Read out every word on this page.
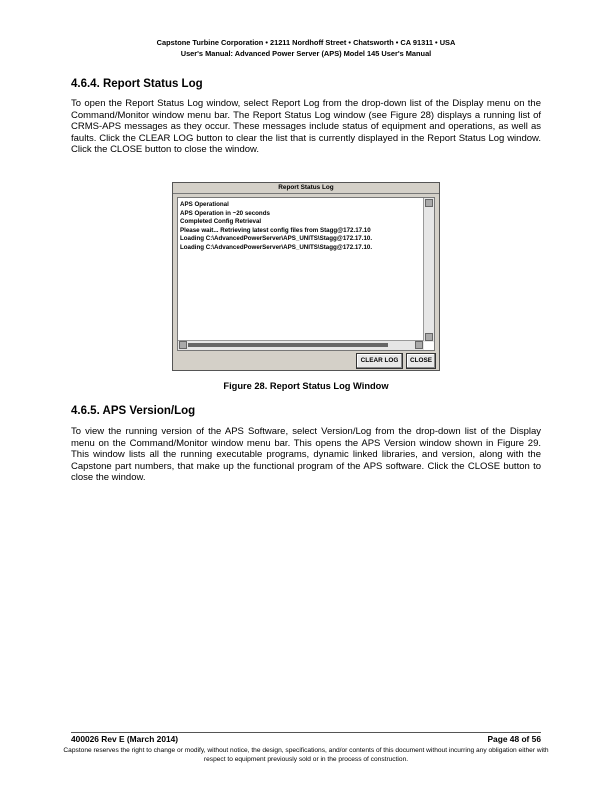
Capstone Turbine Corporation • 21211 Nordhoff Street • Chatsworth • CA 91311 • USA
User's Manual: Advanced Power Server (APS) Model 145 User's Manual
4.6.4. Report Status Log

To open the Report Status Log window, select Report Log from the drop-down list of the Display menu on the Command/Monitor window menu bar. The Report Status Log window (see Figure 28) displays a running list of CRMS-APS messages as they occur. These messages include status of equipment and operations, as well as faults. Click the CLEAR LOG button to clear the list that is currently displayed in the Report Status Log window. Click the CLOSE button to close the window.

Report Status Log
APS Operational
APS Operation in ~20 seconds
Completed Config Retrieval
Please wait... Retrieving latest config files from Stagg@172.17.10
Loading C:\AdvancedPowerServer\APS_UNITS\Stagg@172.17.10.
Loading C:\AdvancedPowerServer\APS_UNITS\Stagg@172.17.10.
CLEAR LOG	CLOSE
Figure 28. Report Status Log Window
4.6.5. APS Version/Log

To view the running version of the APS Software, select Version/Log from the drop-down list of the Display menu on the Command/Monitor window menu bar. This opens the APS Version window shown in Figure 29. This window lists all the running executable programs, dynamic linked libraries, and version, along with the Capstone part numbers, that make up the functional program of the APS software. Click the CLOSE button to close the window.

400026 Rev E (March 2014)	Page 48 of 56
Capstone reserves the right to change or modify, without notice, the design, specifications, and/or contents of this document without incurring any obligation either with respect to equipment previously sold or in the process of construction.
